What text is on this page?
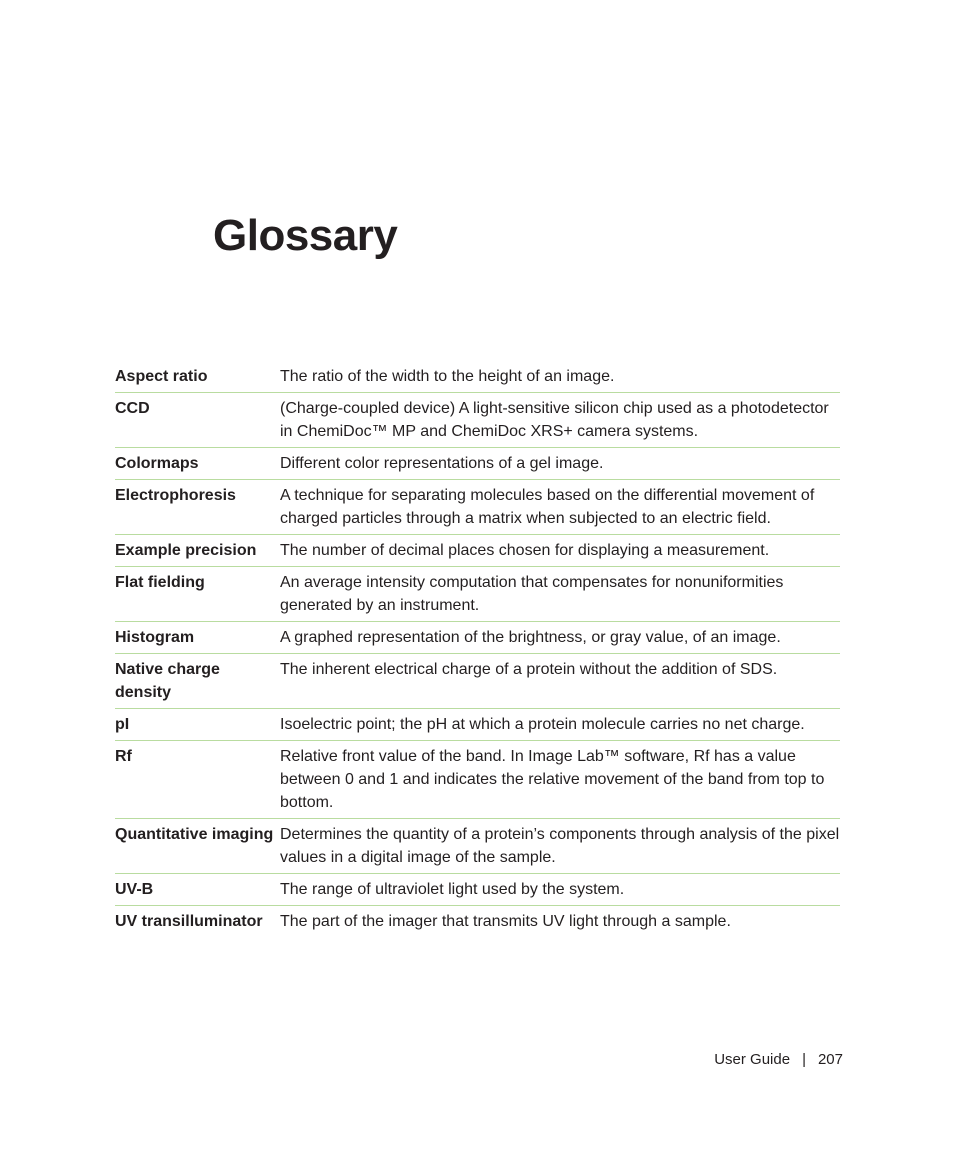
Glossary
Aspect ratio	The ratio of the width to the height of an image.
CCD	(Charge-coupled device) A light-sensitive silicon chip used as a photodetector in ChemiDoc™ MP and ChemiDoc XRS+ camera systems.
Colormaps	Different color representations of a gel image.
Electrophoresis	A technique for separating molecules based on the differential movement of charged particles through a matrix when subjected to an electric field.
Example precision	The number of decimal places chosen for displaying a measurement.
Flat fielding	An average intensity computation that compensates for nonuniformities generated by an instrument.
Histogram	A graphed representation of the brightness, or gray value, of an image.
Native charge density	The inherent electrical charge of a protein without the addition of SDS.
pI	Isoelectric point; the pH at which a protein molecule carries no net charge.
Rf	Relative front value of the band. In Image Lab™ software, Rf has a value between 0 and 1 and indicates the relative movement of the band from top to bottom.
Quantitative imaging	Determines the quantity of a protein’s components through analysis of the pixel values in a digital image of the sample.
UV-B	The range of ultraviolet light used by the system.
UV transilluminator	The part of the imager that transmits UV light through a sample.
User Guide | 207
